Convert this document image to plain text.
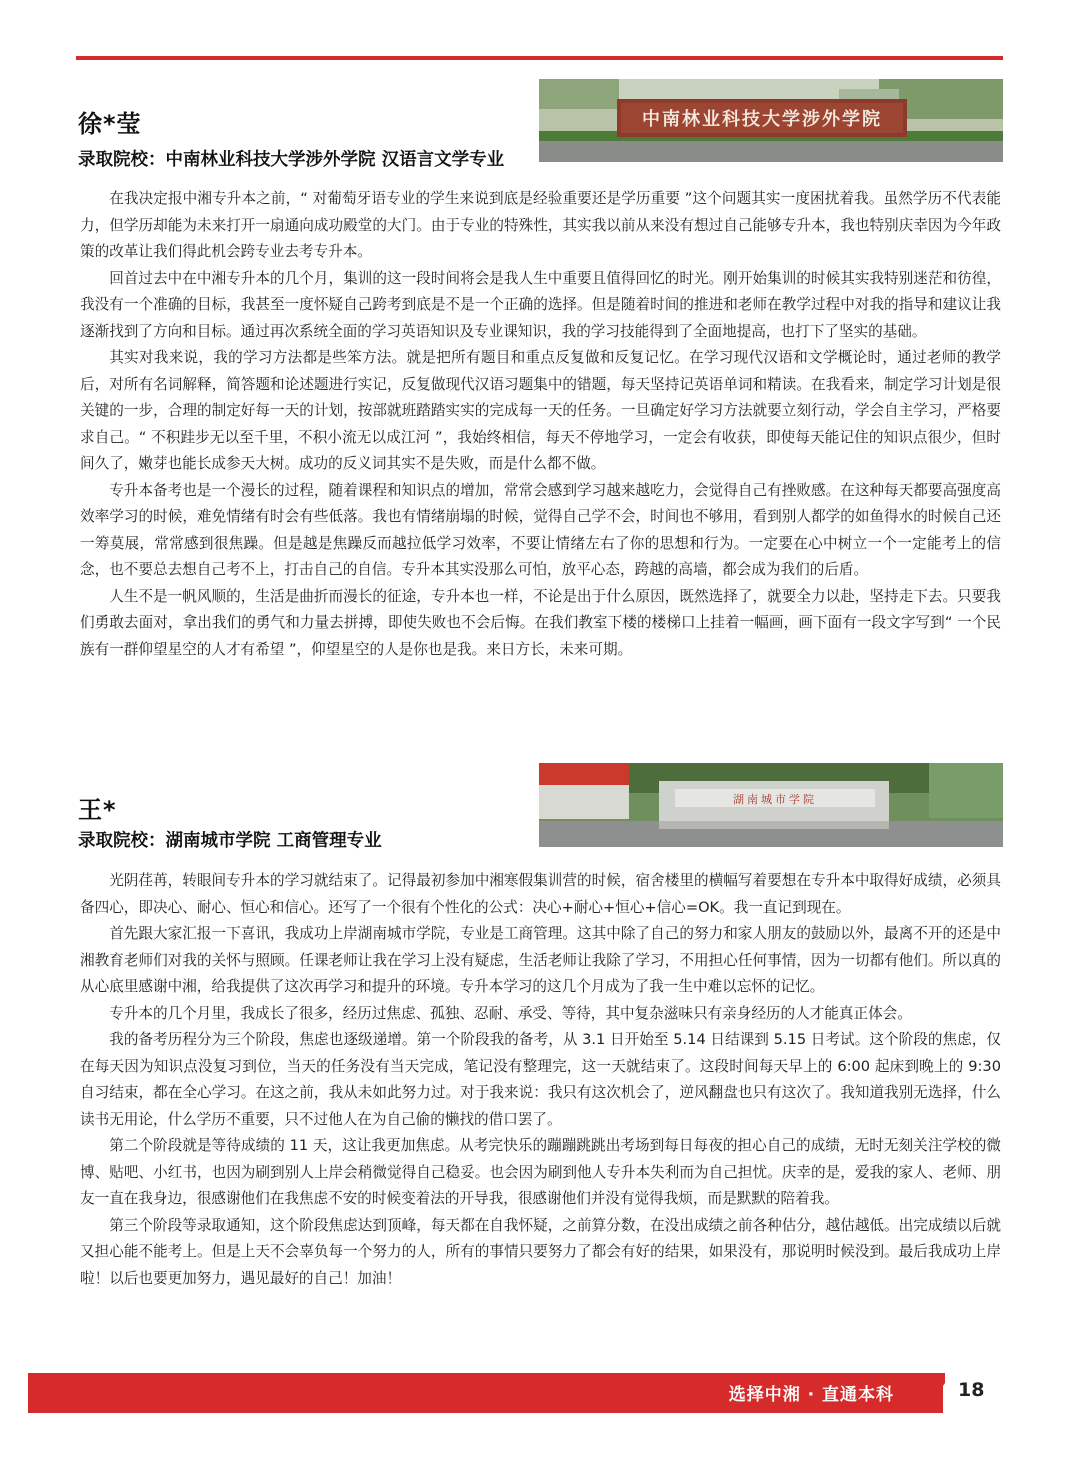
徐*莹
录取院校：中南林业科技大学涉外学院 汉语言文学专业
中南林业科技大学涉外学院

在我决定报中湘专升本之前，“ 对葡萄牙语专业的学生来说到底是经验重要还是学历重要 ”这个问题其实一度困扰着我。虽然学历不代表能力，但学历却能为未来打开一扇通向成功殿堂的大门。由于专业的特殊性，其实我以前从来没有想过自己能够专升本，我也特别庆幸因为今年政策的改革让我们得此机会跨专业去考专升本。

回首过去中在中湘专升本的几个月，集训的这一段时间将会是我人生中重要且值得回忆的时光。刚开始集训的时候其实我特别迷茫和彷徨，我没有一个准确的目标，我甚至一度怀疑自己跨考到底是不是一个正确的选择。但是随着时间的推进和老师在教学过程中对我的指导和建议让我逐渐找到了方向和目标。通过再次系统全面的学习英语知识及专业课知识，我的学习技能得到了全面地提高，也打下了坚实的基础。

其实对我来说，我的学习方法都是些笨方法。就是把所有题目和重点反复做和反复记忆。在学习现代汉语和文学概论时，通过老师的教学后，对所有名词解释，简答题和论述题进行实记，反复做现代汉语习题集中的错题，每天坚持记英语单词和精读。在我看来，制定学习计划是很关键的一步，合理的制定好每一天的计划，按部就班踏踏实实的完成每一天的任务。一旦确定好学习方法就要立刻行动，学会自主学习，严格要求自己。“ 不积跬步无以至千里，不积小流无以成江河 ”，我始终相信，每天不停地学习，一定会有收获，即使每天能记住的知识点很少，但时间久了，嫩芽也能长成参天大树。成功的反义词其实不是失败，而是什么都不做。

专升本备考也是一个漫长的过程，随着课程和知识点的增加，常常会感到学习越来越吃力，会觉得自己有挫败感。在这种每天都要高强度高效率学习的时候，难免情绪有时会有些低落。我也有情绪崩塌的时候，觉得自己学不会，时间也不够用，看到别人都学的如鱼得水的时候自己还一筹莫展，常常感到很焦躁。但是越是焦躁反而越拉低学习效率，不要让情绪左右了你的思想和行为。一定要在心中树立一个一定能考上的信念，也不要总去想自己考不上，打击自己的自信。专升本其实没那么可怕，放平心态，跨越的高墙，都会成为我们的后盾。

人生不是一帆风顺的，生活是曲折而漫长的征途，专升本也一样，不论是出于什么原因，既然选择了，就要全力以赴，坚持走下去。只要我们勇敢去面对，拿出我们的勇气和力量去拼搏，即使失败也不会后悔。在我们教室下楼的楼梯口上挂着一幅画，画下面有一段文字写到“ 一个民族有一群仰望星空的人才有希望 ”，仰望星空的人是你也是我。来日方长，未来可期。

王*
录取院校：湖南城市学院 工商管理专业
湖南城市学院

光阴荏苒，转眼间专升本的学习就结束了。记得最初参加中湘寒假集训营的时候，宿舍楼里的横幅写着要想在专升本中取得好成绩，必须具备四心，即决心、耐心、恒心和信心。还写了一个很有个性化的公式：决心+耐心+恒心+信心=OK。我一直记到现在。

首先跟大家汇报一下喜讯，我成功上岸湖南城市学院，专业是工商管理。这其中除了自己的努力和家人朋友的鼓励以外，最离不开的还是中湘教育老师们对我的关怀与照顾。任课老师让我在学习上没有疑虑，生活老师让我除了学习，不用担心任何事情，因为一切都有他们。所以真的从心底里感谢中湘，给我提供了这次再学习和提升的环境。专升本学习的这几个月成为了我一生中难以忘怀的记忆。

专升本的几个月里，我成长了很多，经历过焦虑、孤独、忍耐、承受、等待，其中复杂滋味只有亲身经历的人才能真正体会。

我的备考历程分为三个阶段，焦虑也逐级递增。第一个阶段我的备考，从 3.1 日开始至 5.14 日结课到 5.15 日考试。这个阶段的焦虑，仅在每天因为知识点没复习到位，当天的任务没有当天完成，笔记没有整理完，这一天就结束了。这段时间每天早上的 6:00 起床到晚上的 9:30 自习结束，都在全心学习。在这之前，我从未如此努力过。对于我来说：我只有这次机会了，逆风翻盘也只有这次了。我知道我别无选择，什么读书无用论，什么学历不重要，只不过他人在为自己偷的懒找的借口罢了。

第二个阶段就是等待成绩的 11 天，这让我更加焦虑。从考完快乐的蹦蹦跳跳出考场到每日每夜的担心自己的成绩，无时无刻关注学校的微博、贴吧、小红书，也因为刷到别人上岸会稍微觉得自己稳妥。也会因为刷到他人专升本失利而为自己担忧。庆幸的是，爱我的家人、老师、朋友一直在我身边，很感谢他们在我焦虑不安的时候变着法的开导我，很感谢他们并没有觉得我烦，而是默默的陪着我。

第三个阶段等录取通知，这个阶段焦虑达到顶峰，每天都在自我怀疑，之前算分数，在没出成绩之前各种估分，越估越低。出完成绩以后就又担心能不能考上。但是上天不会辜负每一个努力的人，所有的事情只要努力了都会有好的结果，如果没有，那说明时候没到。最后我成功上岸啦！以后也要更加努力，遇见最好的自己！加油！

选择中湘 · 直通本科	18
